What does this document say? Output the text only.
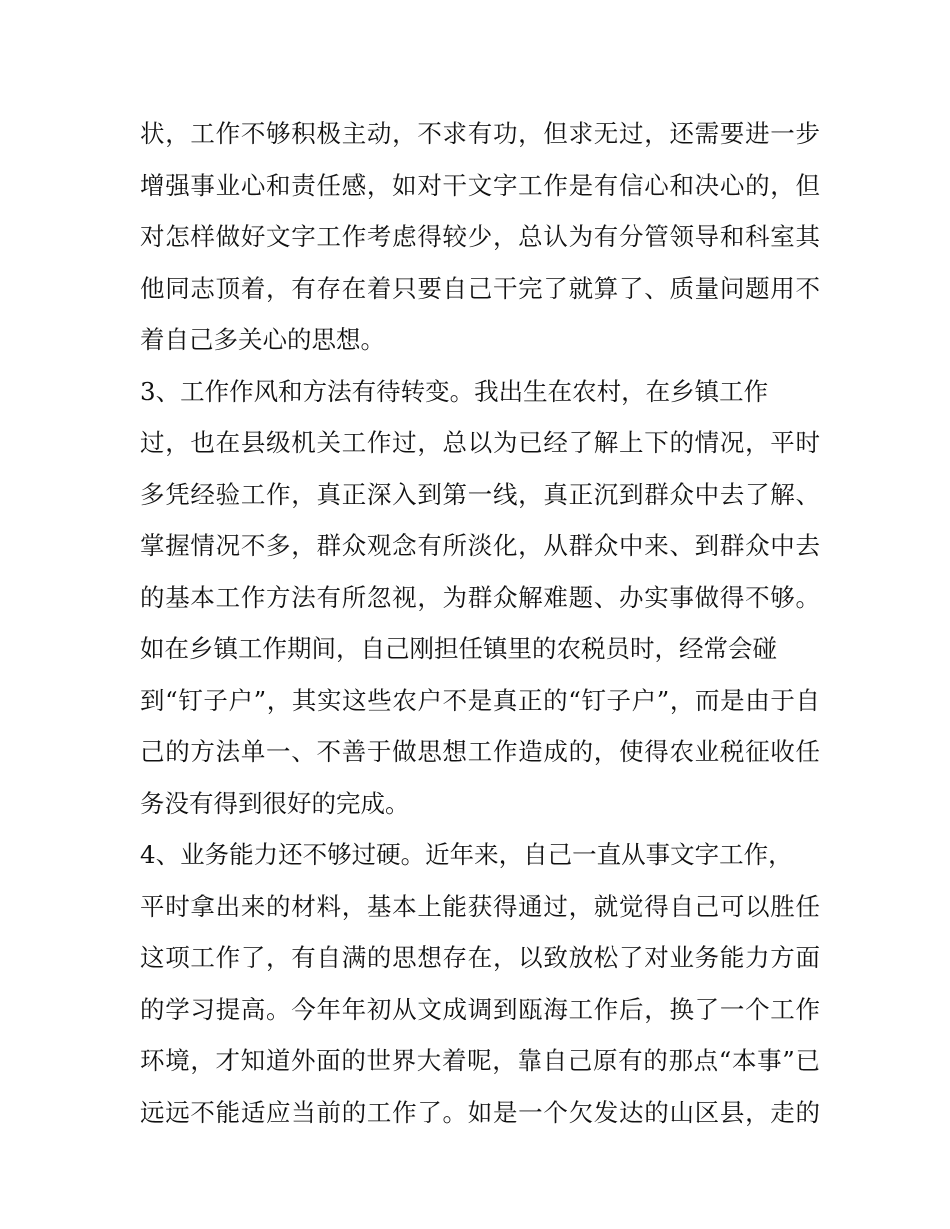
状，工作不够积极主动，不求有功，但求无过，还需要进一步
增强事业心和责任感，如对干文字工作是有信心和决心的，但
对怎样做好文字工作考虑得较少，总认为有分管领导和科室其
他同志顶着，有存在着只要自己干完了就算了、质量问题用不
着自己多关心的思想。
3、工作作风和方法有待转变。我出生在农村，在乡镇工作
过，也在县级机关工作过，总以为已经了解上下的情况，平时
多凭经验工作，真正深入到第一线，真正沉到群众中去了解、
掌握情况不多，群众观念有所淡化，从群众中来、到群众中去
的基本工作方法有所忽视，为群众解难题、办实事做得不够。
如在乡镇工作期间，自己刚担任镇里的农税员时，经常会碰
到“钉子户”，其实这些农户不是真正的“钉子户”，而是由于自
己的方法单一、不善于做思想工作造成的，使得农业税征收任
务没有得到很好的完成。
4、业务能力还不够过硬。近年来，自己一直从事文字工作，
平时拿出来的材料，基本上能获得通过，就觉得自己可以胜任
这项工作了，有自满的思想存在，以致放松了对业务能力方面
的学习提高。今年年初从文成调到瓯海工作后，换了一个工作
环境，才知道外面的世界大着呢，靠自己原有的那点“本事”已
远远不能适应当前的工作了。如是一个欠发达的山区县，走的
